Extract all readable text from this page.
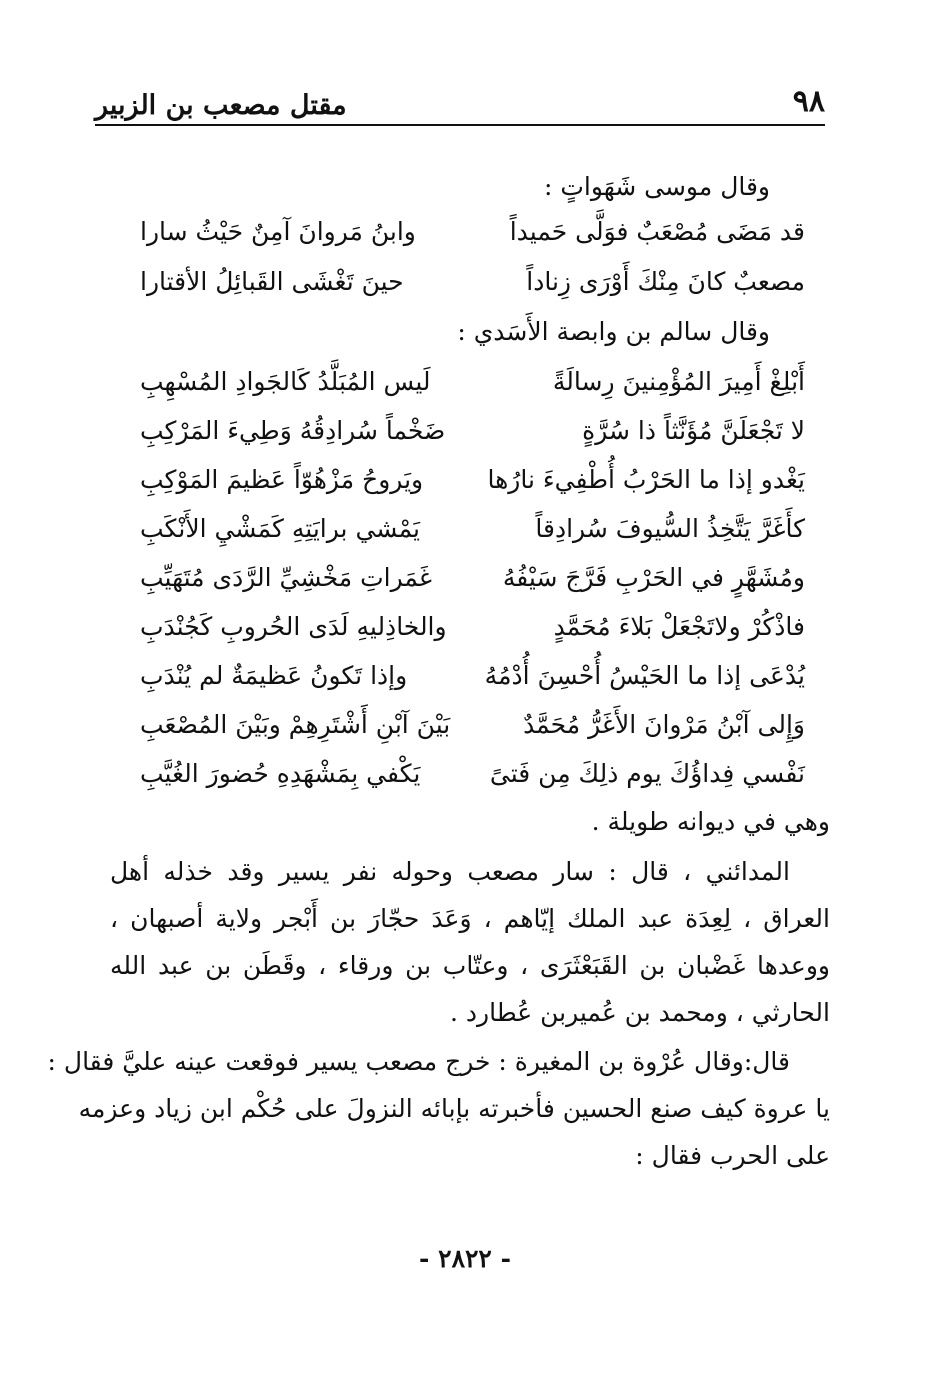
٩٨
مقتل مصعب بن الزبير
وقال موسى شَهَواتٍ :
قد مَضَى مُصْعَبٌ فوَلَّى حَميداً
وابنُ مَروانَ آمِنٌ حَيْثُ سارا
مصعبٌ كانَ مِنْكَ أَوْرَى زِناداً
حينَ تَغْشَى القَبائِلُ الأقتارا
وقال سالم بن وابصة الأَسَدي :
أَبْلِغْ أَمِيرَ المُؤْمِنينَ رِسالَةً
لَيس المُبَلَّدُ كَالجَوادِ المُسْهِبِ
لا تَجْعَلَنَّ مُؤَنَّثاً ذا سُرَّةٍ
ضَخْماً سُرادِقُهُ وَطِيءَ المَرْكِبِ
يَغْدو إذا ما الحَرْبُ أُطْفِيءَ نارُها
ويَروحُ مَزْهُوّاً عَظيمَ المَوْكِبِ
كأَغَرَّ يَتَّخِذُ السُّيوفَ سُرادِقاً
يَمْشي برايَتِهِ كَمَشْيِ الأَنْكَبِ
ومُشَهَّرٍ في الحَرْبِ فَرَّجَ سَيْفُهُ
غَمَراتِ مَخْشِيِّ الرَّدَى مُتَهَيِّبِ
فاذْكُرْ ولاتَجْعَلْ بَلاءَ مُحَمَّدٍ
والخاذِليهِ لَدَى الحُروبِ كَجُنْدَبِ
يُدْعَى إذا ما الحَيْسُ أُحْسِنَ أُدْمُهُ
وإذا تَكونُ عَظيمَةٌ لم يُنْدَبِ
وَإِلى آبْنُ مَرْوانَ الأَغَرُّ مُحَمَّدٌ
بَيْنَ آبْنِ أَشْتَرِهِمْ وبَيْنَ المُصْعَبِ
نَفْسي فِداؤُكَ يوم ذلِكَ مِن فَتىً
يَكْفي بِمَشْهَدِهِ حُضورَ الغُيَّبِ
وهي في ديوانه طويلة .
المدائني ، قال : سار مصعب وحوله نفر يسير وقد خذله أهل
العراق ، لِعِدَة عبد الملك إيّاهم ، وَعَدَ حجّارَ بن أَبْجر ولاية أصبهان ،
ووعدها غَضْبان بن القَبَعْثَرَى ، وعتّاب بن ورقاء ، وقَطَن بن عبد الله
الحارثي ، ومحمد بن عُميربن عُطارد .
قال:وقال عُرْوة بن المغيرة : خرج مصعب يسير فوقعت عينه عليَّ فقال :
يا عروة كيف صنع الحسين فأخبرته بإبائه النزولَ على حُكْم ابن زياد وعزمه
على الحرب فقال :
- ٢٨٢٢ -
